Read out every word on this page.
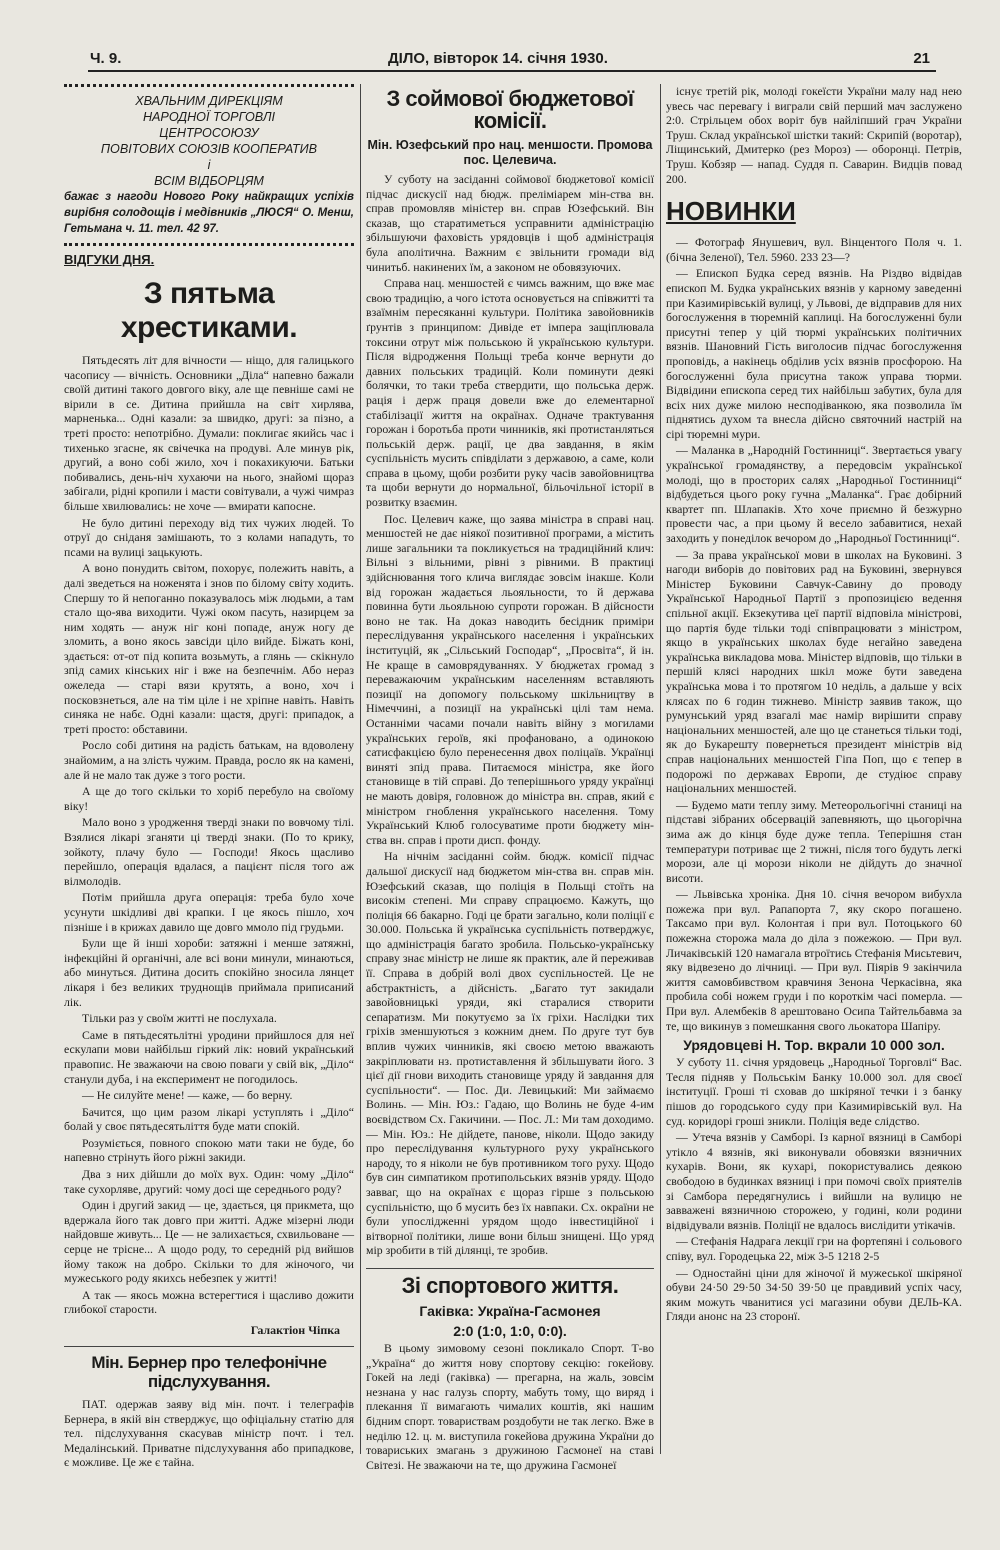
Ч. 9.	ДІЛО, вівторок 14. січня 1930.	21
ХВАЛЬНИМ ДИРЕКЦІЯМ
НАРОДНОЇ ТОРГОВЛІ
ЦЕНТРОСОЮЗУ
ПОВІТОВИХ СОЮЗІВ КООПЕРАТИВ
і
ВСІМ ВІДБОРЦЯМ
бажає з нагоди Нового Року найкращих успіхів вирібня солодощів і медівників „ЛЮСЯ“ О. Менш, Гетьмана ч. 11. тел. 42 97.
ВІДГУКИ ДНЯ.
З пятьма хрестиками.

Пятьдесять літ для вічности — ніщо, для галицького часопису — вічність. Основники „Діла“ напевно бажали своїй дитині такого довгого віку, але ще певніше самі не вірили в се. Дитина прийшла на світ хирлява, марненька... Одні казали: за швидко, другі: за пізно, а треті просто: непотрібно. Думали: поклигає якийсь час і тихенько згасне, як свічечка на продувi. Але минув рік, другий, а воно собі жило, хоч і покахикуючи. Батьки побивались, день-ніч хухаючи на нього, знайомі щораз забігали, рідні кропили і масти совітували, а чужі чимраз більше хвилювались: не хоче — вмирати капосне.

Не було дитині переходу від тих чужих людей. То отруї до сніданя замішають, то з колами нападуть, то псами на вулиці зацькують.

А воно понудить світом, похорує, полежить навіть, а далі зведеться на ноженята і знов по білому світу ходить. Спершу то й непоганно показувалось між людьми, а там стало що-ява виходити. Чужі оком пасуть, назирцем за ним ходять — ануж ніг коні попаде, ануж ногу де зломить, а воно якось завсіди ціло вийде. Біжать коні, здається: от-от під копита возьмуть, а глянь — скікнуло зпід самих кінських ніг і вже на безпечнім. Або нераз ожеледа — старі вязи крутять, а воно, хоч і посковзнеться, але на тім ціле і не хріпне навіть. Навіть синяка не набє. Одні казали: щастя, другі: припадок, а треті просто: обставини.

Росло собі дитиня на радість батькам, на вдоволену знайомим, а на злість чужим. Правда, росло як на камені, але й не мало так дуже з того рости.

А ще до того скільки то хоріб перебуло на своїому віку!

Мало воно з уродження тверді знаки по вовчому тілі. Взялися лікарі зганяти ці тверді знаки. (По то крику, зойкоту, плачу було — Господи! Якось щасливо перейшло, операція вдалася, а пацієнт після того аж вілмолодів.

Потім прийшла друга операція: треба було хоче усунути шкідливі дві крапки. І це якось пішло, хоч пізніше і в крижах давило ще довго ммоло під грудьми.

Були ще й інші хороби: затяжні і менше затяжні, інфекційні й органічні, але всі вони минули, минаються, або минуться. Дитина досить спокійно зносила лянцет лікаря і без великих труднощів приймала приписаний лік.

Тільки раз у своїм житті не послухала.

Саме в пятьдесятьлітні уродини прийшлося для неї ескулапи мови найбільш гіркий лік: новий український правопис. Не зважаючи на свою поваги у свій вік, „Діло“ станули дуба, і на експеримент не погодилось.

— Не силуйте мене! — каже, — бо верну.

Бачится, що цим разом лікарі уступлять і „Діло“ болай у своє пятьдесятьліття буде мати спокій.

Розуміється, повного спокою мати таки не буде, бо напевно стрінуть його ріжні закиди.

Два з них дійшли до моїх вух. Один: чому „Діло“ таке сухорляве, другий: чому досі ще середнього роду?

Один і другий закид — це, здається, ця прикмета, що вдержала його так довго при житті. Адже мізерні люди найдовше живуть... Це — не залихається, схвильоване — серце не трісне... А щодо роду, то середній рід вийшов йому також на добро. Скільки то для жіночого, чи мужеського роду якихсь небезпек у житті!

А так — якось можна встерегтися і щасливо дожити глибокої старости.

Галактіон Чіпка
Мін. Бернер про телефонічне підслухування.

ПАТ. одержав заяву від мін. почт. і телеграфів Бернера, в якій він стверджує, що офіціальну статію для тел. підслухування скасував міністр почт. і тел. Медалінський. Приватне підслухування або припадкове, є можливе. Це же є тайна.

З соймової бюджетової комісії.
Мін. Юзефський про нац. меншости. Промова пос. Целевича.

У суботу на засіданні соймової бюджетової комісії підчас дискусії над бюдж. преліміарем мін-ства вн. справ промовляв міністер вн. справ Юзефський. Він сказав, що старатиметься усправнити адміністрацію збільшуючи фаховість урядовців і щоб адміністрація була аполітична. Важним є звільнити громади від чинитьб. накинених їм, а законом не обовязуючих.

Справа нац. меншостей є чимсь важним, що вже має свою традицію, а чого істота основується на співжитті та взаїмнім пересяканні культури. Політика завойовників ґрунтів з принципом: Дивіде ет імпера защіплювала токсини отрут між польською й українською культури. Після відродження Польщі треба конче вернути до давних польських традицій. Коли поминути деякі болячки, то таки треба ствердити, що польська держ. рація і держ праця довели вже до елементарної стабілізації життя на окраїнах. Одначе трактування горожан і боротьба проти чинників, які протистанляться польській держ. рації, це два завдання, в якім суспільність мусить співділати з державою, а саме, коли справа в цьому, щоби розбити руку часів завойовництва та щоби вернути до нормальної, більочільної історії в розвитку взаємин.

Пос. Целевич каже, що заява міністра в справі нац. меншостей не дає ніякої позитивної програми, а містить лише загальники та покликується на традиційний клич: Вільні з вільними, рівні з рівними. В практиці здійснювання того клича виглядає зовсім інакше. Коли від горожан жадається льояльности, то й держава повинна бути льояльною супроти горожан. В дійсности воно не так. На доказ наводить бесідник приміри переслідування українського населення і українських інституцій, як „Сільський Господар“, „Просвіта“, й ін. Не краще в самоврядуваннях. У бюджетах громад з переважаючим українським населенням вставляють позиції на допомогу польському шкільництву в Німеччині, а позиції на українські цілі там нема. Останніми часами почали навіть війну з могилами українських героїв, які профановано, а одинокою сатисфакцією було перенесення двох поліцаїв. Українці виняті зпід права. Питаємося міністра, яке його становище в тій справі. До теперішнього уряду українці не мають довіря, головнож до міністра вн. справ, який є міністром гноблення українського населення. Тому Український Клюб голосуватиме проти бюджету мін-ства вн. справ і проти дисп. фонду.

На нічнім засіданні сойм. бюдж. комісії підчас дальшої дискусії над бюджетом мін-ства вн. справ мін. Юзефський сказав, що поліція в Польщі стоїть на високім степені. Ми справу спрацюємо. Кажуть, що поліція 66 бакарно. Годі це брати загально, коли поліції є 30.000. Польська й українська суспільність потверджує, що адміністрація багато зробила. Польсько-українську справу знає міністр не лише як практик, але й переживав її. Справа в добрій волі двох суспільностей. Це не абстрактність, а дійсність. „Багато тут закидали завойовницькі уряди, які старалися створити сепаратизм. Ми покутуємо за їх гріхи. Наслідки тих гріхів зменшуються з кожним днем. По друге тут був вплив чужих чинників, які своєю метою вважають закріплювати нз. протиставлення й збільшувати його. З цієї дії гнови виходить становище уряду й завдання для суспільности“. — Пос. Ди. Левицький: Ми займаємо Волинь. — Мін. Юз.: Гадаю, що Волинь не буде 4-им воєвідством Сх. Гакичини. — Пос. Л.: Ми там доходимо. — Мін. Юз.: Не дійдете, панове, ніколи. Щодо закиду про переслідування культурного руху українського народу, то я ніколи не був противником того руху. Щодо був син симпатиком протипольських вязнів уряду. Щодо завваг, що на окраїнах є щораз гірше з польською суспільністю, що б мусить без їх навпаки. Сх. окраїни не були упослідженні урядом щодо інвестиційної і вітворної політики, лише вони більш знищені. Що уряд мір зробити в тій ділянці, те зробив.

Зі спортового життя.
Гаківка: Україна-Гасмонея
2:0 (1:0, 1:0, 0:0).

В цьому зимовому сезоні покликало Спорт. Т-во „Україна“ до життя нову спортову секцію: гокейову. Гокей на леді (гаківка) — прегарна, на жаль, зовсім незнана у нас галузь спорту, мабуть тому, що виряд і плекання її вимагають чималих коштів, які нашим бідним спорт. товариствам роздобути не так легко. Вже в неділю 12. ц. м. виступила гокейова дружина України до товариських змагань з дружиною Гасмонеї на ставі Світезі. Не зважаючи на те, що дружина Гасмонеї

існує третій рік, молоді гокеїсти України малу над нею увесь час перевагу і виграли свій перший мач заслужено 2:0. Стрільцем обох воріт був найліпший грач України Труш. Склад української шістки такий: Скрипій (воротар), Ліщинський, Дмитерко (рез Мороз) — оборонці. Петрів, Труш. Кобзяр — напад. Суддя п. Саварин. Видців повад 200.

НОВИНКИ

— Фотограф Янушевич, вул. Вінцентого Поля ч. 1. (бічна Зеленої), Тел. 5960. 233 23—?

— Епископ Будка серед вязнів. На Різдво відвідав епископ М. Будка українських вязнів у карному заведенні при Казимирівській вулиці, у Львові, де відправив для них богослуження в тюремній каплиці. На богослуженні були присутні тепер у цій тюрмі українських політичних вязнів. Шановний Гість виголосив підчас богослуження проповідь, а накінець обділив усіх вязнів просфорою. На богослуженні була присутна також управа тюрми. Відвідини епископа серед тих найбільш забутих, була для всіх них дуже милою несподіванкою, яка позволила їм піднятись духом та внесла дійсно святочний настрій на сірі тюремні мури.

— Маланка в „Народній Гостинниці“. Звертається увагу української громадянству, а передовсім української молоді, що в просторих салях „Народньої Гостинниці“ відбудеться цього року гучна „Маланка“. Грає добірний квартет пп. Шлапаків. Хто хоче приємно й безжурно провести час, а при цьому й весело забавитися, нехай заходить у понеділок вечором до „Народньої Гостинниці“.

— За права української мови в школах на Буковині. З нагоди виборів до повітових рад на Буковині, звернувся Міністер Буковини Савчук-Савину до проводу Української Народньої Партії з пропозицією ведення спільної акції. Екзекутива цеї партії відповіла міністрові, що партія буде тільки тоді співпрацювати з міністром, якщо в українських школах буде негайно заведена українська викладова мова. Міністер відповів, що тільки в першій клясі народних шкіл може бути заведена українська мова і то протягом 10 неділь, а дальше у всіх клясах по 6 годин тижнево. Міністр заявив також, що румунський уряд взагалі має намір вирішити справу національних меншостей, але що це станеться тільки тоді, як до Букарешту повернеться президент міністрів від справ національних меншостей Гіпа Поп, що є тепер в подорожі по державах Европи, де студіює справу національних меншостей.

— Будемо мати теплу зиму. Метеорольогічні станиці на підставі зібраних обсервацій запевняють, що цьогорічна зима аж до кінця буде дуже тепла. Теперішня стан температури потриває ще 2 тижні, після того будуть легкі морози, але ці морози ніколи не дійдуть до значної висоти.

— Львівська хроніка. Дня 10. січня вечором вибухла пожежа при вул. Рапапорта 7, яку скоро погашено. Таксамо при вул. Колонтая і при вул. Потоцького 60 пожежна сторожа мала до діла з пожежою. — При вул. Личаківській 120 намагала втроїтись Стефанія Мисьтевич, яку відвезено до лічниці. — При вул. Піярів 9 закінчила життя самовбивством кравчиня Зенона Черкасівна, яка пробила собі ножем груди і по короткім часі померла. — При вул. Алембеків 8 арештовано Осипа Тайтельбавма за те, що викинув з помешкання свого льокатора Шапіру.

Урядовцеві Н. Тор. вкрали 10 000 зол.

У суботу 11. січня урядовець „Народньої Торговлі“ Вас. Тесля підняв у Польськім Банку 10.000 зол. для своєї інституції. Гроші ті сховав до шкіряної течки і з банку пішов до городського суду при Казимирівській вул. На суд. коридорі гроші зникли. Поліція веде слідство.

— Утеча вязнів у Самборі. Із карної вязниці в Самборі утікло 4 вязнів, які виконували обовязки вязничних кухарів. Вони, як кухарі, покористувались деякою свободою в будинках вязниці і при помочі своїх приятелів зі Самбора передягнулись і вийшли на вулицю не завважені вязничною сторожею, у годині, коли родини відвідували вязнів. Поліції не вдалось вислідити утікачів.

— Стефанія Надрага лекції гри на фортепяні і сольового співу, вул. Городецька 22, між 3-5 1218 2-5

— Одностайні ціни для жіночої й мужеської шкіряної обуви 24·50 29·50 34·50 39·50 це правдивий успіх часу, яким можуть чванитися усі магазини обуви ДЕЛЬ-КА. Гляди анонс на 23 сторонї.
